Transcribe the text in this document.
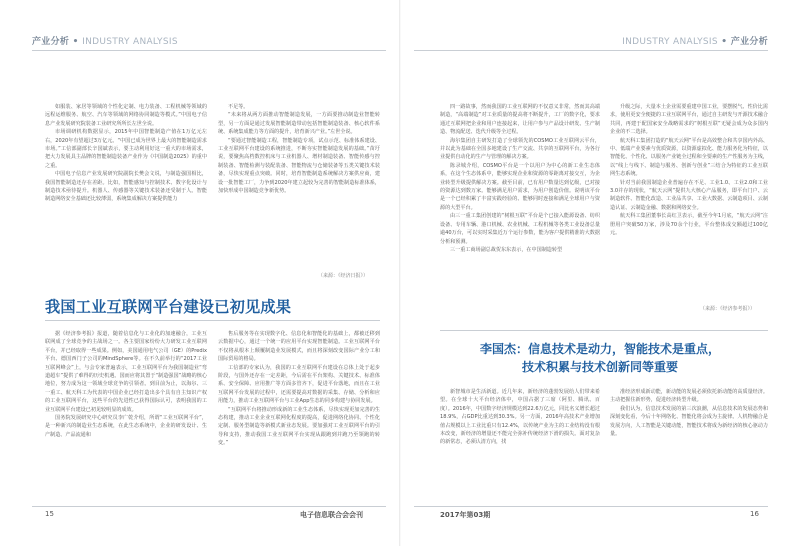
产业分析 • INDUSTRY ANALYSIS	INDUSTRY ANALYSIS • 产业分析

如服装、家居等领域的个性化定制、电力装备、工程机械等领域的远程运维服务、航空、汽车等领域的网络协同制造等模式。”中国电子信息产业发展研究院装备工业研究所所长左世全说。

市场调研机构数据显示，2015年中国智能制造产值在1万亿元左右，2020年有望超过3万亿元。“中国已成为世界上最大的智能制造需求市场。”工信部副部长辛国斌表示，要主动利用好这一重大的市场需求，把大力发展具主品牌的智能制造装备产业作为《中国制造2025》的重中之重。

中国电子信息产业发展研究院副院长樊会文说，与制造强国相比，我国智能制造还存在差距。比如，智能感知与控制技术、数字化设计与制造技术亟待提升。机器人、传感器等关键技术装备还受制于人。智能制造网络安全基础还比较薄弱，系统集成解决方案提供能力

不足等。

“未来将从两方面推动智能制造发展，一方面要推动制造业智能转型，另一方面是通过发展智能制造带动包括智能制造装备、核心软件系统、系统集成能力等方面的提升，培育新兴产业。”左世全说。

“要通过智能制造工程，智能制造专项，试点示范、标准体系建设、工业互联网平台建设的系统推进，不断夯实智能制造发展的基础。”苗圩说，要聚焦高档数控机床与工业机器人、增材制造装备、智能传感与控制装备、智能检测与装配装备、智能物流与仓储装备等五类关键技术装备，尽快实现重点突破。同时，培育智能制造系统解决方案供应商，建设一批智能工厂，力争到2020年建立起较为完善的智能制造标准体系，加快形成中国制造竞争新优势。

（来源：《经济日报》）
我国工业互联网平台建设已初见成果

据《经济参考报》报道，随着信息化与工业化的加速融合，工业互联网成了全球竞争的主战场之一。各主要国家纷纷大力研发工业互联网平台，并已经取得一些成果。例如，美国通用电气公司（GE）的Predix平台、德国西门子公司的MindSphere等。在不久前举行的“2017工业互联网峰会”上，与会专家普遍表示，工业互联网平台为我国制造业“弯道超车”提供了难得的历史机遇。国而应将其置于“制造强国”战略的核心地位，努力成为这一领域全球竞争的引领者。到目前为止，以海尔、三一重工、航天科工为代表的中国企业已经打造出多个具有自主知识产权的工业互联网平台，这些平台的先进性已获得国际认可，表明我国的工业互联网平台建设已初见较明显的成效。

国务院发展研究中心研究员李广乾介绍，所谓“工业互联网平台”，是一种新兴的制造业生态系统，在此生态系统中，企业的研发设计、生产制造、产品流通和

售后服务等在实现数字化、信息化和智能化的基础上，都被迁移到云数据中心，通过一个统一的应用平台实现智能制造。工业互联网平台不仅将从根本上颠覆制造业发展模式，而且将深刻改变国际产业分工和国际贸易的格局。

工信部的专家认为，我国的工业互联网平台建设在总体上处于起步阶段，与国外还存在一定差距，今后需在平台架构、关键技术、标准体系、安全保障、应用推广等方面多管齐下，促进平台落地，而且在工业互联网平台发展的过程中，还需要提高对数据的采集、存储、分析和应用能力，推动工业互联网平台与工业App生态的同步构建与协同发展。

“互联网平台将推动形成新的工业生态体系，尽快实现更加完善的生态构建，推动工业企业互联网化程度的提高，促进网络化协同、个性化定制、服务型制造等新模式新业态发展。要加强对工业互联网平台的引导和支持，推动我国工业互联网平台实现从跟跑到并跑乃至领跑的转变。”

四一路故事，然而我国的工业互联网的不仅意义非常，然而其高端制造，“高端制造”对工业质量的提高将不断提升，工厂的数字化，要求通过互联网把企业和用户连接起来，让用户参与产品设计研发、生产制造、物流配送、迭代升级等全过程。

海尔集团自主研发打造了全球领先的COSMO工业互联网云平台，并以此为基础在全国多地建设了生产交流、共享的互联网平台，为各行业提供自动化的生产与管理的解决方案。

陈录城介绍，COSMO平台是一个以用户为中心的新工业生态体系，在这个生态体系中，能够实现企业和资源的零距离对接交互，为企业转型升级提供解决方案。截至目前，已有用户数量达到亿级，已对接的资源达到数万家。能够满足用户需求，为用户创造价值。说明该平台是一个已经积累了丰富实践经验的、能够同时连接和满足全球用户与资源的大型平台。

由三一重工集团创建的“树根互联”平台是个已接入能源设备、纺织设备、专用车辆、港口机械、农业机械、工程机械等各类工业设备总量逾40万台，可以实时采集近万个运行参数，能为客户提供精准的大数据分析和预测。

三一重工商场副总裁贺东东表示，在中国制造转型

升级之际，大量本土企业需要重建中国工业，要摆脱气、性价比需求，使用更安全便捷的工业互联网平台，通过自主研发与开源技术融合共同，再建于配国家安全战略需求的“树根互联”无疑会成为众多国内企业的不二选择。

航天科工集团打造的“航天云网”平台是高效整合和共享国内外高、中、低端产业要素与优质资源，以资源虚拟化、能力服务化为特征，以智能化、个性化、以服务产业链全过程和全要素的生产性服务为主线，以“线上与线下、制造与服务、创新与创业”三结合为特征的工业互联网生态系统。

针对当前我国制造企业普遍存在不足、工业1.0、工业2.0和工业3.0并存的现状，“航天云网”提供九大核心产品服务，即平台门户、云制造软件、智能化改造、工业品共享、工业大数据、云制造项目、云制造认证、云制造金融、数据和网络安全。

航天科工集团董事长高红卫表示，截至今年1月底，“航天云网”注册用户突破50万家，涉及70余个行业，平台整体成交额超过100亿元。

（来源：《经济参考报》）
李国杰：信息技术是动力，智能技术是重点，
技术积累与技术创新同等重要

新智城市是生活新道。近几年来，新经济的蓬勃发展给人们带来希望。在全球十大平台经济体中，中国占据了三席（阿里、腾讯、百度）。2016年，中国数字经济规模达到22.6万亿元，同比名义增长超过18.9%，占GDP比重达到30.3%。另一方面，2016年高技术产业增加值占规模以上工业比重只有12.4%，以传统产业为主的工业结构没有根本改变，新经济的增量还不能完全弥补传统经济下滑的损失。面对复杂的新常态，必须认清方向，找

准经济形成新动能，新动能的发展必须依托新动能的高质量经济。主动把握住新形势，促进经济转型升级。

我们认为，信息技术发展的第三次浪潮，从信息技术的发展态势和深刻变化看，今后十年网络化、智能化将会成为主旋律。人机物融合是发展方向，人工智能是关键动能，智能技术将成为新经济的核心驱动力量。

15	电子信息联合会会刊	2017年第03期	16
